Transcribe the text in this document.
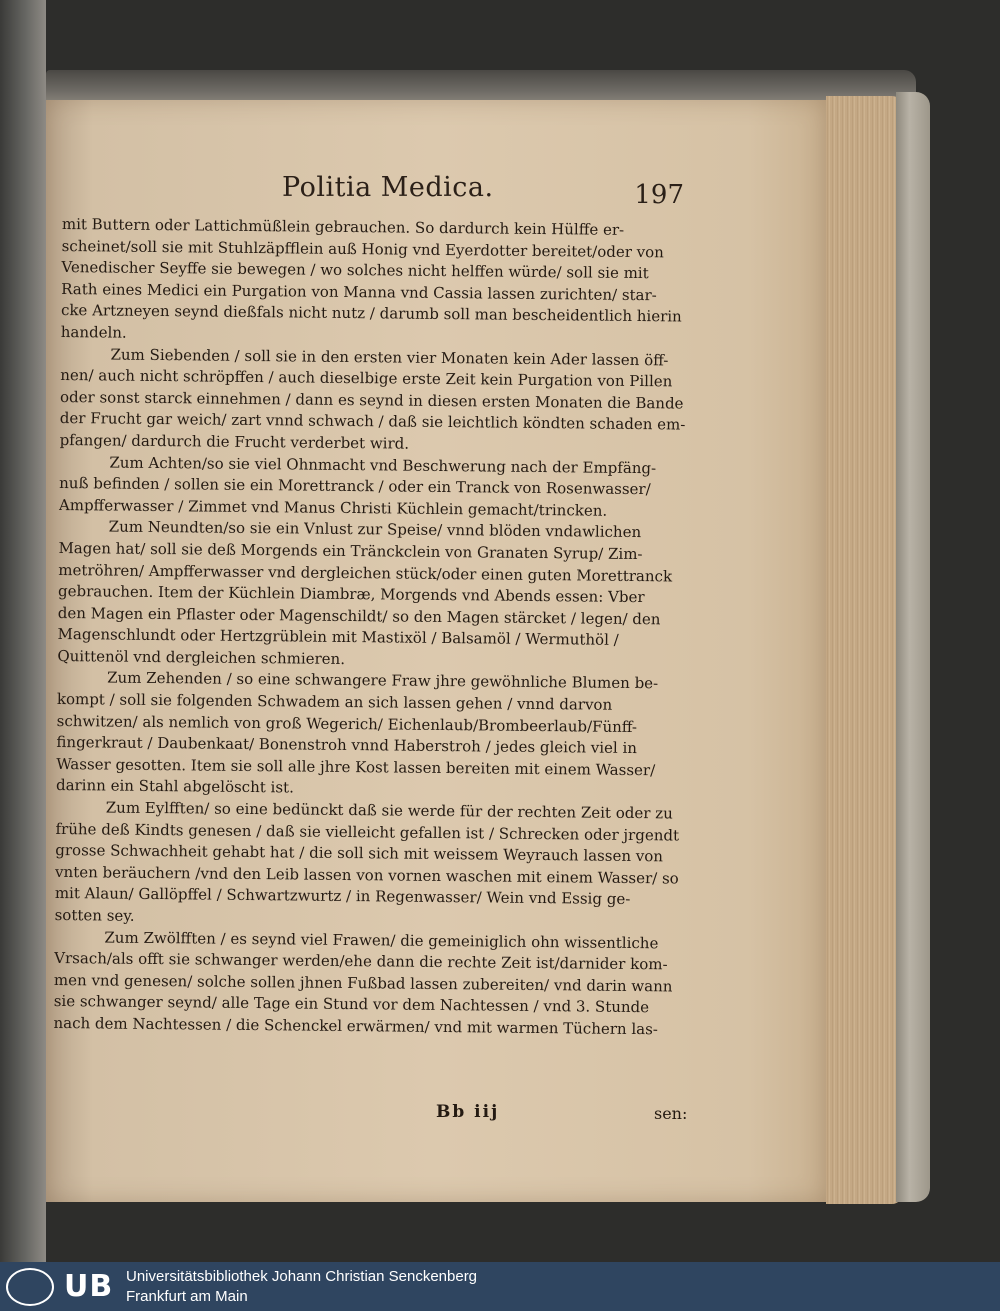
Politia Medica.	197
mit Buttern oder Lattichmüßlein gebrauchen. So dardurch kein Hülffe er-
scheinet/soll sie mit Stuhlzäpfflein auß Honig vnd Eyerdotter bereitet/oder von
Venedischer Seyffe sie bewegen / wo solches nicht helffen würde/ soll sie mit
Rath eines Medici ein Purgation von Manna vnd Cassia lassen zurichten/ star-
cke Artzneyen seynd dießfals nicht nutz / darumb soll man bescheidentlich hierin
handeln.
Zum Siebenden / soll sie in den ersten vier Monaten kein Ader lassen öff-
nen/ auch nicht schröpffen / auch dieselbige erste Zeit kein Purgation von Pillen
oder sonst starck einnehmen / dann es seynd in diesen ersten Monaten die Bande
der Frucht gar weich/ zart vnnd schwach / daß sie leichtlich köndten schaden em-
pfangen/ dardurch die Frucht verderbet wird.
Zum Achten/so sie viel Ohnmacht vnd Beschwerung nach der Empfäng-
nuß befinden / sollen sie ein Morettranck / oder ein Tranck von Rosenwasser/
Ampfferwasser / Zimmet vnd Manus Christi Küchlein gemacht/trincken.
Zum Neundten/so sie ein Vnlust zur Speise/ vnnd blöden vndawlichen
Magen hat/ soll sie deß Morgends ein Tränckclein von Granaten Syrup/ Zim-
metröhren/ Ampfferwasser vnd dergleichen stück/oder einen guten Morettranck
gebrauchen. Item der Küchlein Diambræ, Morgends vnd Abends essen: Vber
den Magen ein Pflaster oder Magenschildt/ so den Magen stärcket / legen/ den
Magenschlundt oder Hertzgrüblein mit Mastixöl / Balsamöl / Wermuthöl /
Quittenöl vnd dergleichen schmieren.
Zum Zehenden / so eine schwangere Fraw jhre gewöhnliche Blumen be-
kompt / soll sie folgenden Schwadem an sich lassen gehen / vnnd darvon
schwitzen/ als nemlich von groß Wegerich/ Eichenlaub/Brombeerlaub/Fünff-
fingerkraut / Daubenkaat/ Bonenstroh vnnd Haberstroh / jedes gleich viel in
Wasser gesotten. Item sie soll alle jhre Kost lassen bereiten mit einem Wasser/
darinn ein Stahl abgelöscht ist.
Zum Eylfften/ so eine bedünckt daß sie werde für der rechten Zeit oder zu
frühe deß Kindts genesen / daß sie vielleicht gefallen ist / Schrecken oder jrgendt
grosse Schwachheit gehabt hat / die soll sich mit weissem Weyrauch lassen von
vnten beräuchern /vnd den Leib lassen von vornen waschen mit einem Wasser/ so
mit Alaun/ Gallöpffel / Schwartzwurtz / in Regenwasser/ Wein vnd Essig ge-
sotten sey.
Zum Zwölfften / es seynd viel Frawen/ die gemeiniglich ohn wissentliche
Vrsach/als offt sie schwanger werden/ehe dann die rechte Zeit ist/darnider kom-
men vnd genesen/ solche sollen jhnen Fußbad lassen zubereiten/ vnd darin wann
sie schwanger seynd/ alle Tage ein Stund vor dem Nachtessen / vnd 3. Stunde
nach dem Nachtessen / die Schenckel erwärmen/ vnd mit warmen Tüchern las-
Bb iij	sen:
UB Universitätsbibliothek Johann Christian Senckenberg
Frankfurt am Main
